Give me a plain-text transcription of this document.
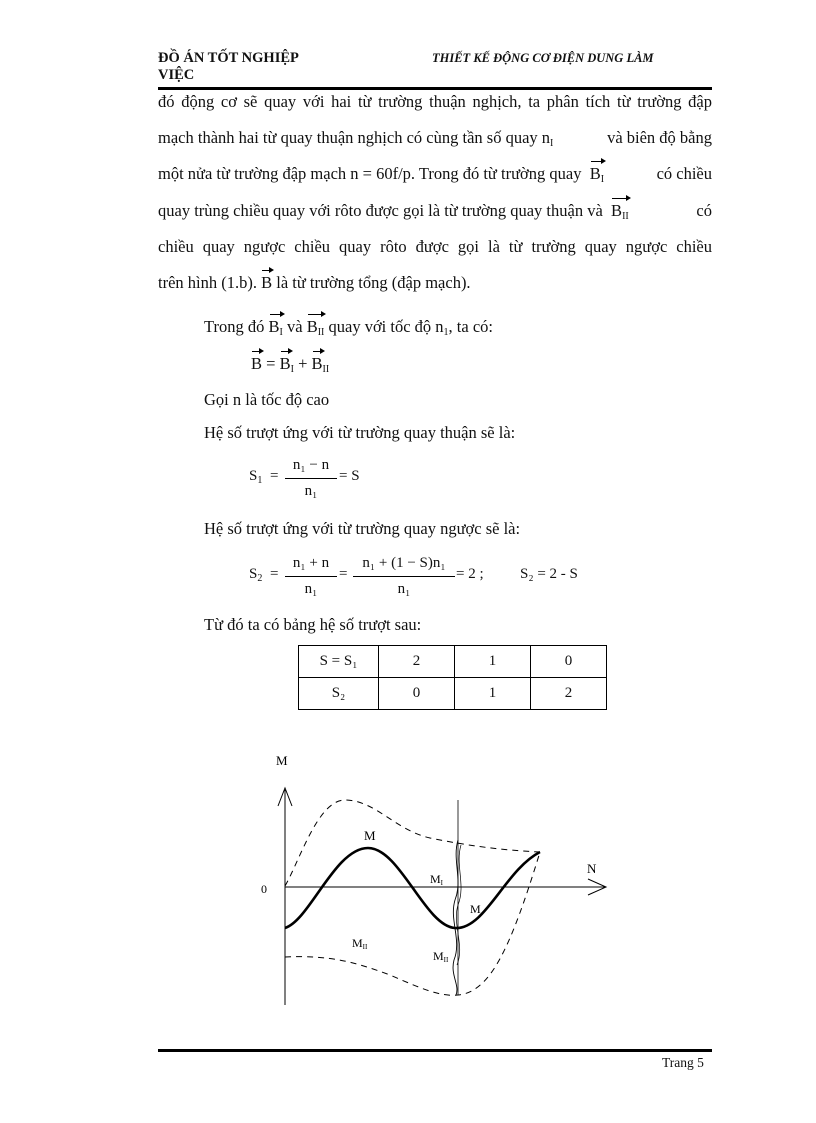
ĐỒ ÁN TỐT NGHIỆP
VIỆC
THIẾT KẾ ĐỘNG CƠ ĐIỆN DUNG LÀM
đó động cơ sẽ quay với hai từ trường thuận nghịch, ta phân tích từ trường đập
mạch thành hai từ quay thuận nghịch có cùng tần số quay $n_I$	và biên độ bằng
một nửa từ trường đập mạch n = 60f/p. Trong đó từ trường quay $B_I$	có chiều
quay trùng chiều quay với rôto được gọi là từ trường quay thuận và $B_{II}$	có
chiều quay ngược chiều quay rôto được gọi là từ trường quay ngược chiều
trên hình (1.b). B là từ trường tổng (đập mạch).
Trong đó $B_I$ và $B_{II}$ quay với tốc độ $n_1$, ta có:
$B = B_I + B_{II}$
Gọi n là tốc độ cao
Hệ số trượt ứng với từ trường quay thuận sẽ là:
$S_1$ =
n₁ − n
n₁
= S
Hệ số trượt ứng với từ trường quay ngược sẽ là:
$S_2$ =
n₁ + n
n₁
=
n₁ + (1 − S)n₁
n₁
= 2 ; S₂ = 2 - S
Từ đó ta có bảng hệ số trượt sau:
S = S₁	2	1	0
S₂	0	1	2
M
N
0
M
M
MI
MII
MII
Trang 5
